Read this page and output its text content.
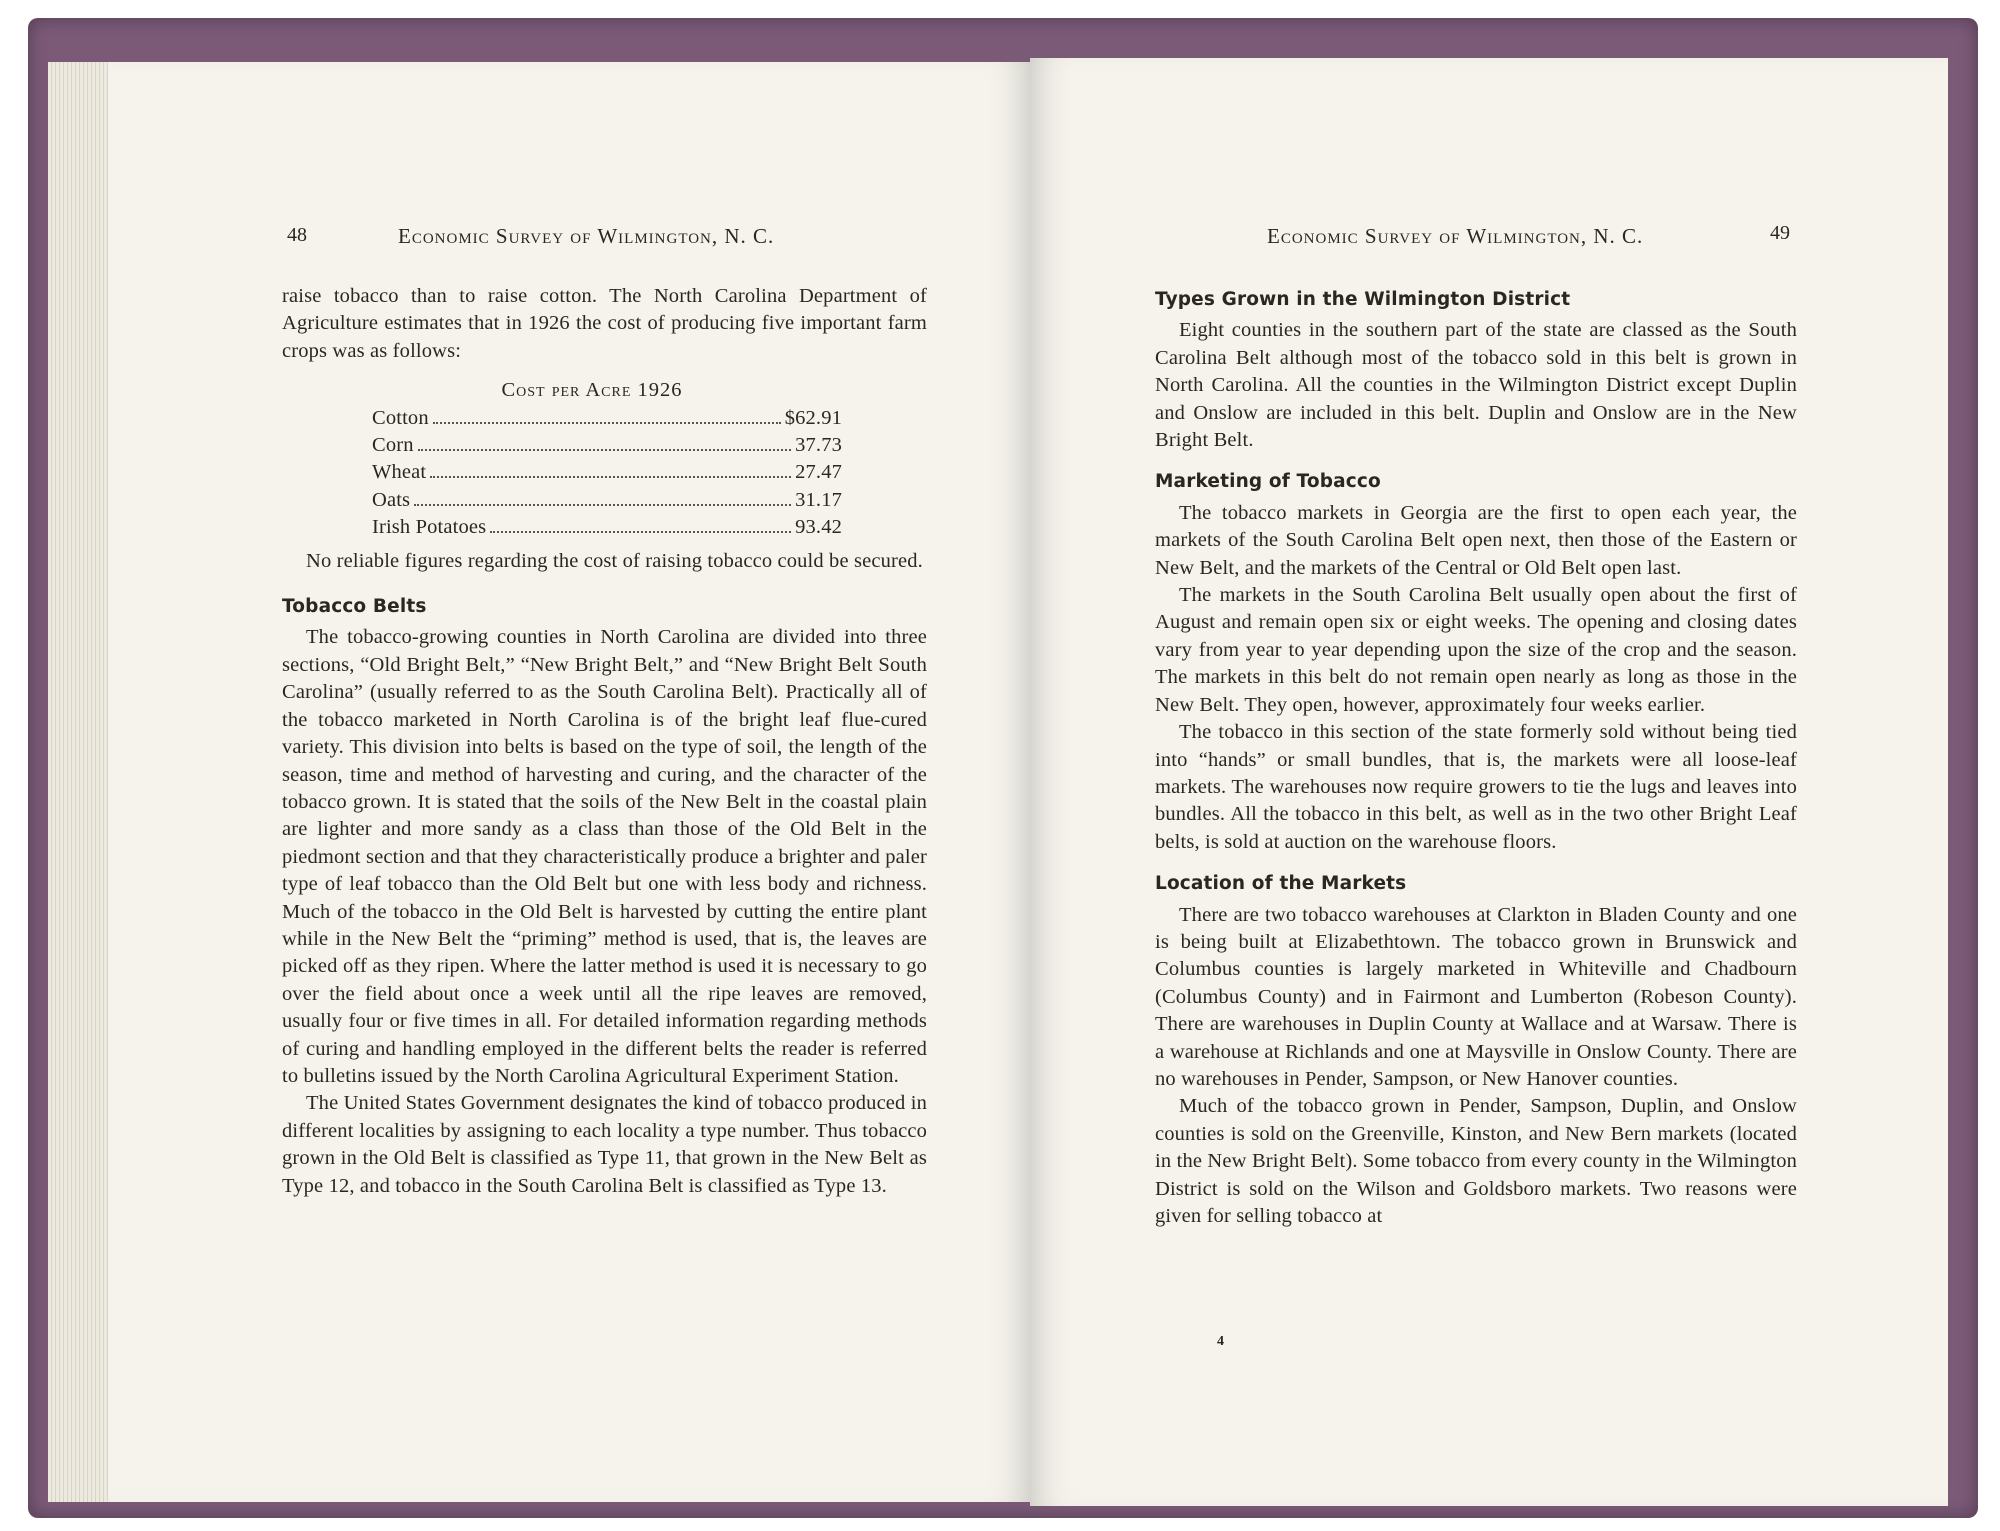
48	Economic Survey of Wilmington, N. C.

raise tobacco than to raise cotton. The North Carolina Department of Agriculture estimates that in 1926 the cost of producing five important farm crops was as follows:

Cost per Acre 1926
Cotton	$62.91
Corn	37.73
Wheat	27.47
Oats	31.17
Irish Potatoes	93.42

No reliable figures regarding the cost of raising tobacco could be secured.

Tobacco Belts

The tobacco-growing counties in North Carolina are divided into three sections, “Old Bright Belt,” “New Bright Belt,” and “New Bright Belt South Carolina” (usually referred to as the South Carolina Belt). Practically all of the tobacco marketed in North Carolina is of the bright leaf flue-cured variety. This division into belts is based on the type of soil, the length of the season, time and method of harvesting and curing, and the character of the tobacco grown. It is stated that the soils of the New Belt in the coastal plain are lighter and more sandy as a class than those of the Old Belt in the piedmont section and that they characteristically produce a brighter and paler type of leaf tobacco than the Old Belt but one with less body and richness. Much of the tobacco in the Old Belt is harvested by cutting the entire plant while in the New Belt the “priming” method is used, that is, the leaves are picked off as they ripen. Where the latter method is used it is necessary to go over the field about once a week until all the ripe leaves are removed, usually four or five times in all. For detailed information regarding methods of curing and handling employed in the different belts the reader is referred to bulletins issued by the North Carolina Agricultural Experiment Station.

The United States Government designates the kind of tobacco produced in different localities by assigning to each locality a type number. Thus tobacco grown in the Old Belt is classified as Type 11, that grown in the New Belt as Type 12, and tobacco in the South Carolina Belt is classified as Type 13.

Economic Survey of Wilmington, N. C.	49
Types Grown in the Wilmington District

Eight counties in the southern part of the state are classed as the South Carolina Belt although most of the tobacco sold in this belt is grown in North Carolina. All the counties in the Wilmington District except Duplin and Onslow are included in this belt. Duplin and Onslow are in the New Bright Belt.

Marketing of Tobacco

The tobacco markets in Georgia are the first to open each year, the markets of the South Carolina Belt open next, then those of the Eastern or New Belt, and the markets of the Central or Old Belt open last.

The markets in the South Carolina Belt usually open about the first of August and remain open six or eight weeks. The opening and closing dates vary from year to year depending upon the size of the crop and the season. The markets in this belt do not remain open nearly as long as those in the New Belt. They open, however, approximately four weeks earlier.

The tobacco in this section of the state formerly sold without being tied into “hands” or small bundles, that is, the markets were all loose-leaf markets. The warehouses now require growers to tie the lugs and leaves into bundles. All the tobacco in this belt, as well as in the two other Bright Leaf belts, is sold at auction on the warehouse floors.

Location of the Markets

There are two tobacco warehouses at Clarkton in Bladen County and one is being built at Elizabethtown. The tobacco grown in Brunswick and Columbus counties is largely marketed in Whiteville and Chadbourn (Columbus County) and in Fairmont and Lumberton (Robeson County). There are warehouses in Duplin County at Wallace and at Warsaw. There is a warehouse at Richlands and one at Maysville in Onslow County. There are no warehouses in Pender, Sampson, or New Hanover counties.

Much of the tobacco grown in Pender, Sampson, Duplin, and Onslow counties is sold on the Greenville, Kinston, and New Bern markets (located in the New Bright Belt). Some tobacco from every county in the Wilmington District is sold on the Wilson and Goldsboro markets. Two reasons were given for selling tobacco at

4
